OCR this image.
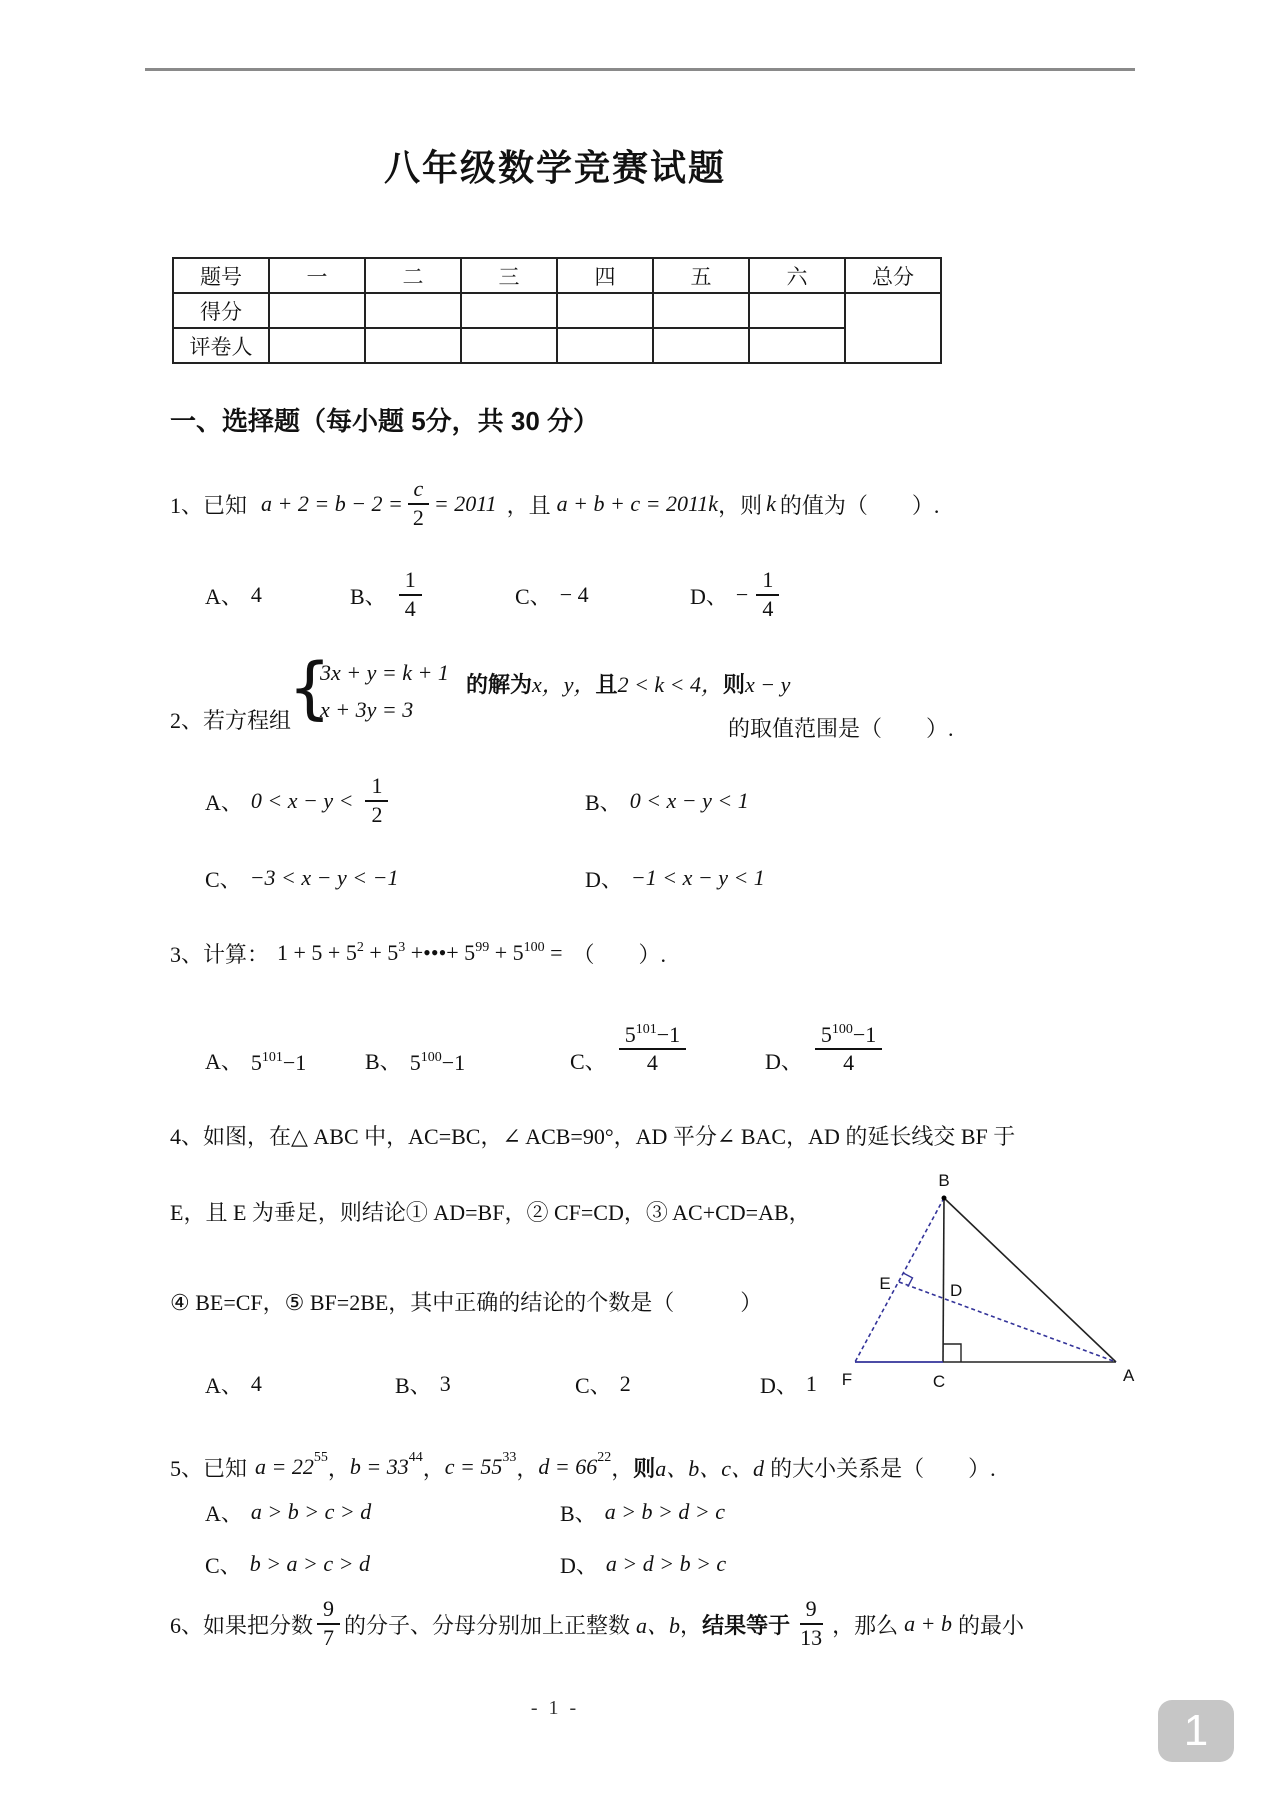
八年级数学竞赛试题
题号	一	二	三	四	五	六	总分
得分							
评卷人							
一、选择题（每小题 5分，共 30 分）
1、已知 $a + 2 = b - 2 = \frac{c}{2} = 2011$ ，且 a + b + c = 2011k ，则 k 的值为（　　）.
A、 4	B、 $\frac{1}{4}$	C、 − 4	D、 − $\frac{1}{4}$
2、若方程组
{
3x + y = k + 1
x + 3y = 3
的解为x，y，且2 < k < 4，则x − y
的取值范围是（　　）.
A、 $0 < x - y < \frac{1}{2}$	B、 0 < x − y < 1
C、 −3 < x − y < −1	D、 −1 < x − y < 1
3、计算： $1 + 5 + 5^2 + 5^3$ +•••+ $5^{99} + 5^{100}$ = （　　）.
A、 $5^{101}-1$	B、 $5^{100}-1$	C、 $\frac{5^{101}-1}{4}$	D、 $\frac{5^{100}-1}{4}$
4、如图，在△ ABC 中，AC=BC，∠ ACB=90°，AD 平分∠ BAC，AD 的延长线交 BF 于
E，且 E 为垂足，则结论① AD=BF，② CF=CD，③ AC+CD=AB，
④ BE=CF，⑤ BF=2BE，其中正确的结论的个数是（　　　）
A、 4	B、 3	C、 2	D、 1
B
E	D
F	C	A
5、已知 a = 22 55 ， b = 33 44 ， c = 55 33 ， d = 66 22 ， 则 a、b、c、d 的大小关系是（　　）.
A、 a > b > c > d	B、 a > b > d > c
C、 b > a > c > d	D、 a > d > b > c
6、如果把分数 $\frac{9}{7}$ 的分子、分母分别加上正整数 a、b ， 结果等于 $\frac{9}{13}$ ，那么 a + b 的最小
- 1 -	1
